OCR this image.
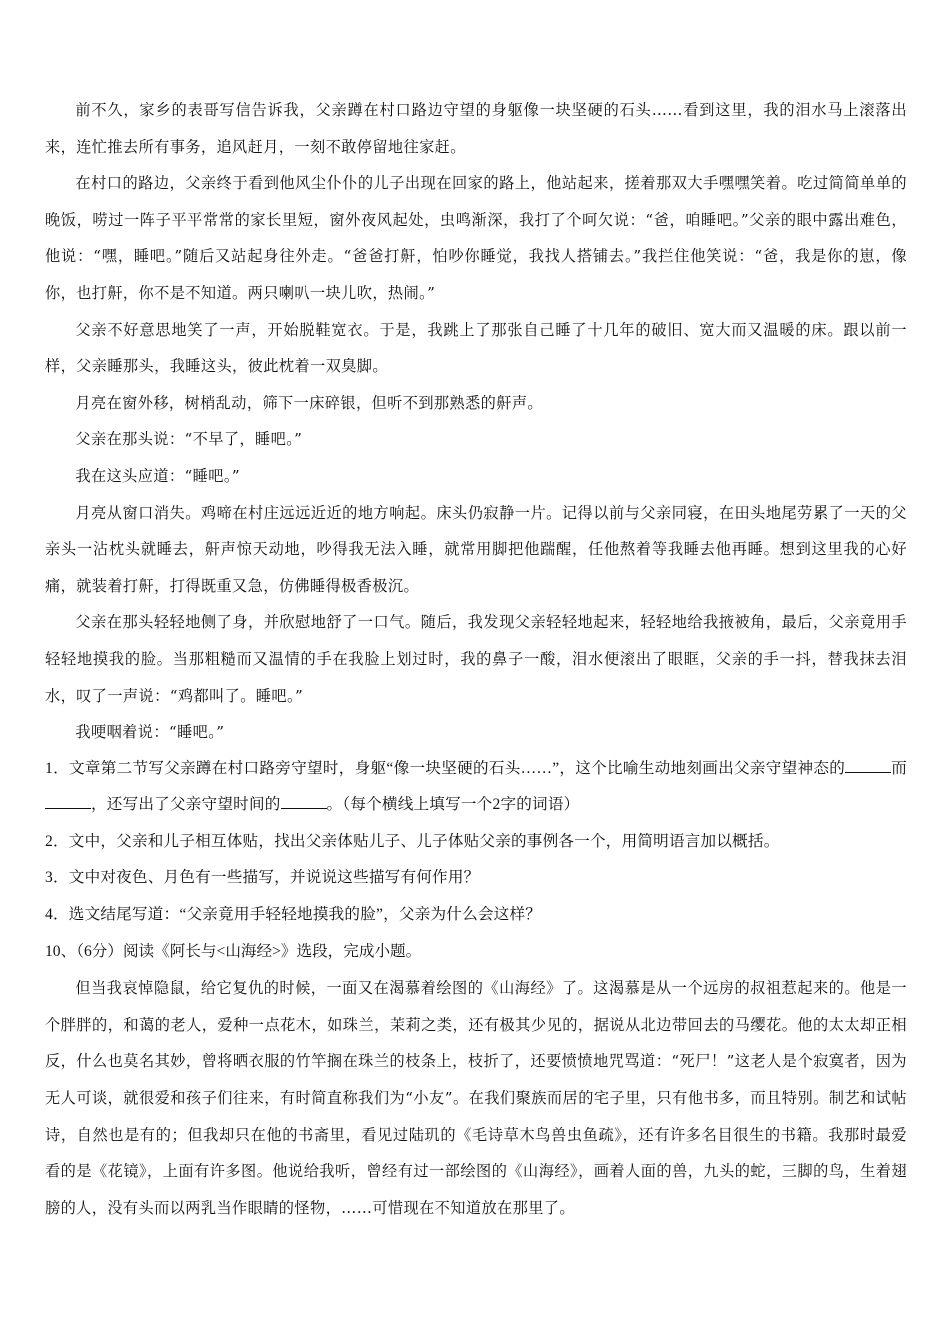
前不久，家乡的表哥写信告诉我，父亲蹲在村口路边守望的身躯像一块坚硬的石头……看到这里，我的泪水马上滚落出来，连忙推去所有事务，追风赶月，一刻不敢停留地往家赶。

在村口的路边，父亲终于看到他风尘仆仆的儿子出现在回家的路上，他站起来，搓着那双大手嘿嘿笑着。吃过简简单单的晚饭，唠过一阵子平平常常的家长里短，窗外夜风起处，虫鸣渐深，我打了个呵欠说：“爸，咱睡吧。”父亲的眼中露出难色，他说：“嘿，睡吧。”随后又站起身往外走。“爸爸打鼾，怕吵你睡觉，我找人搭铺去。”我拦住他笑说：“爸，我是你的崽，像你，也打鼾，你不是不知道。两只喇叭一块儿吹，热闹。”

父亲不好意思地笑了一声，开始脱鞋宽衣。于是，我跳上了那张自己睡了十几年的破旧、宽大而又温暖的床。跟以前一样，父亲睡那头，我睡这头，彼此枕着一双臭脚。

月亮在窗外移，树梢乱动，筛下一床碎银，但听不到那熟悉的鼾声。

父亲在那头说：“不早了，睡吧。”

我在这头应道：“睡吧。”

月亮从窗口消失。鸡啼在村庄远远近近的地方响起。床头仍寂静一片。记得以前与父亲同寝，在田头地尾劳累了一天的父亲头一沾枕头就睡去，鼾声惊天动地，吵得我无法入睡，就常用脚把他踹醒，任他熬着等我睡去他再睡。想到这里我的心好痛，就装着打鼾，打得既重又急，仿佛睡得极香极沉。

父亲在那头轻轻地侧了身，并欣慰地舒了一口气。随后，我发现父亲轻轻地起来，轻轻地给我掖被角，最后，父亲竟用手轻轻地摸我的脸。当那粗糙而又温情的手在我脸上划过时，我的鼻子一酸，泪水便滚出了眼眶，父亲的手一抖，替我抹去泪水，叹了一声说：“鸡都叫了。睡吧。”

我哽咽着说：“睡吧。”

1．文章第二节写父亲蹲在村口路旁守望时，身躯“像一块坚硬的石头……”，这个比喻生动地刻画出父亲守望神态的	而，还写出了父亲守望时间的	。（每个横线上填写一个2字的词语）

2．文中，父亲和儿子相互体贴，找出父亲体贴儿子、儿子体贴父亲的事例各一个，用简明语言加以概括。

3．文中对夜色、月色有一些描写，并说说这些描写有何作用？

4．选文结尾写道：“父亲竟用手轻轻地摸我的脸”，父亲为什么会这样？

10、（6分）阅读《阿长与<山海经>》选段，完成小题。

但当我哀悼隐鼠，给它复仇的时候，一面又在渴慕着绘图的《山海经》了。这渴慕是从一个远房的叔祖惹起来的。他是一个胖胖的，和蔼的老人，爱种一点花木，如珠兰，茉莉之类，还有极其少见的，据说从北边带回去的马缨花。他的太太却正相反，什么也莫名其妙，曾将晒衣服的竹竿搁在珠兰的枝条上，枝折了，还要愤愤地咒骂道：“死尸！”这老人是个寂寞者，因为无人可谈，就很爱和孩子们往来，有时简直称我们为“小友”。在我们聚族而居的宅子里，只有他书多，而且特别。制艺和试帖诗，自然也是有的；但我却只在他的书斋里，看见过陆玑的《毛诗草木鸟兽虫鱼疏》，还有许多名目很生的书籍。我那时最爱看的是《花镜》，上面有许多图。他说给我听，曾经有过一部绘图的《山海经》，画着人面的兽，九头的蛇，三脚的鸟，生着翅膀的人，没有头而以两乳当作眼睛的怪物，……可惜现在不知道放在那里了。
